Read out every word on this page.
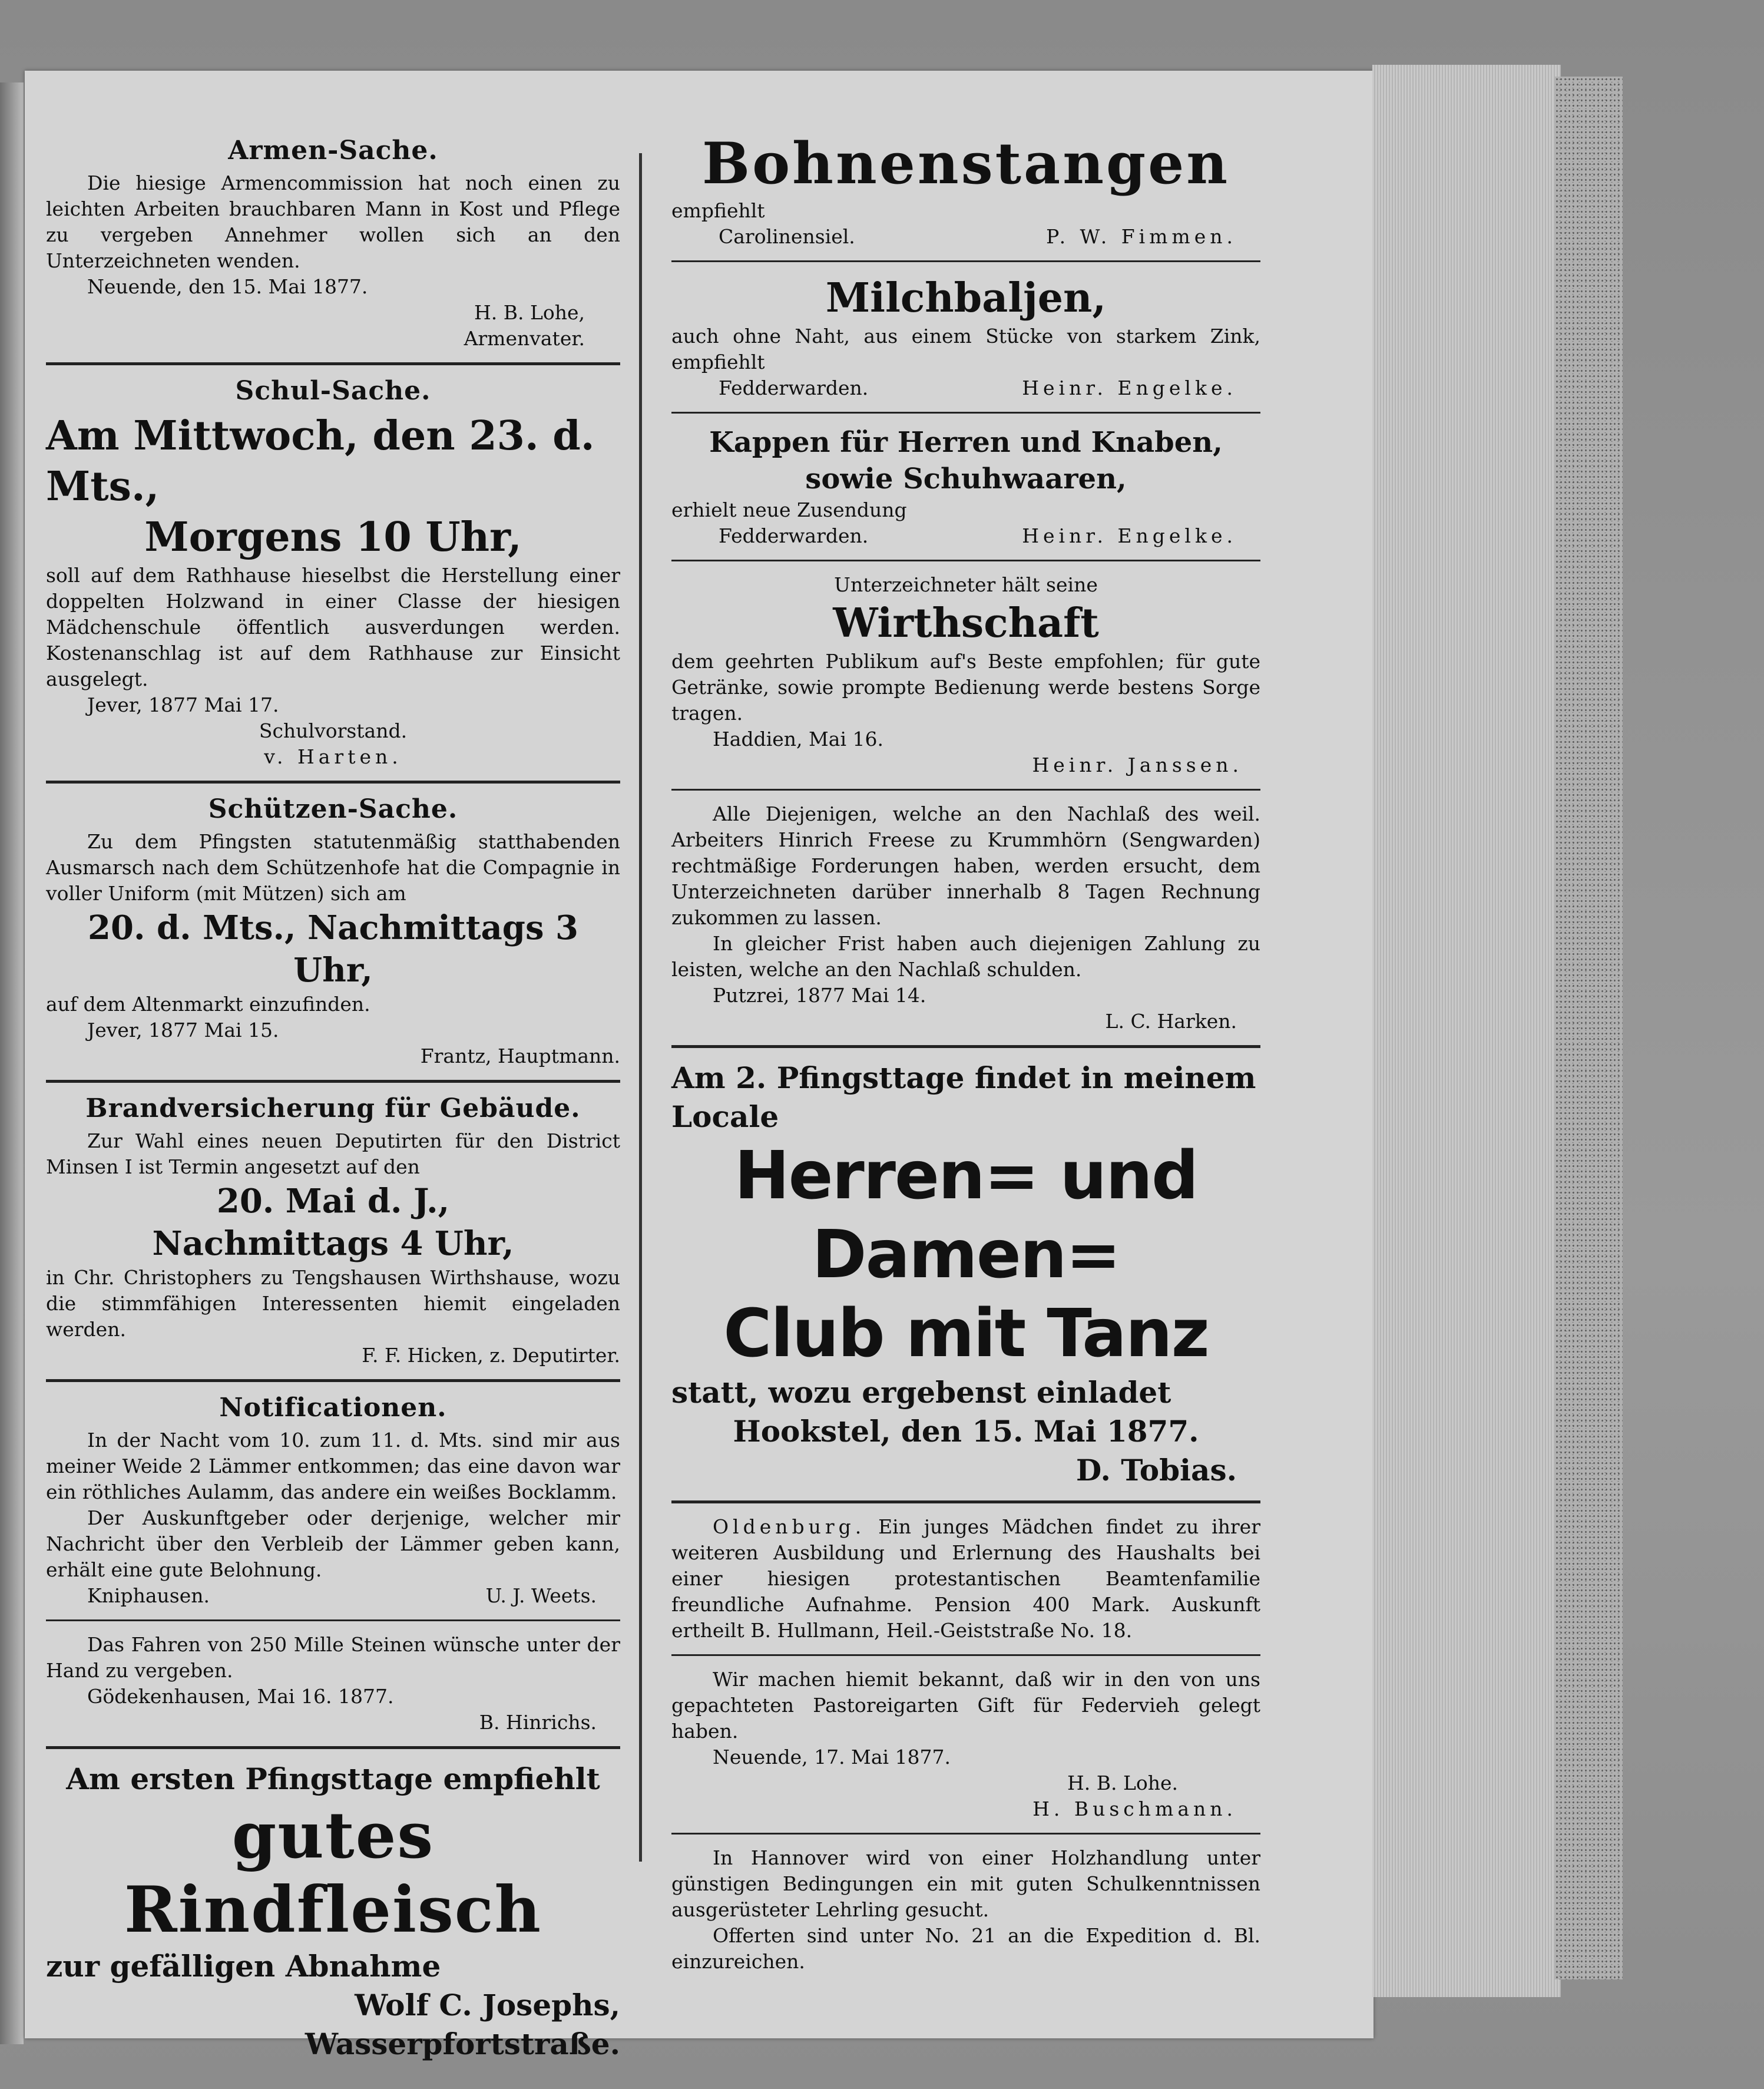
Armen-Sache.

Die hiesige Armencommission hat noch einen zu leichten Arbeiten brauchbaren Mann in Kost und Pflege zu vergeben Annehmer wollen sich an den Unterzeichneten wenden.

Neuende, den 15. Mai 1877.

H. B. Lohe,
Armenvater.
Schul-Sache.
Am Mittwoch, den 23. d. Mts.,
Morgens 10 Uhr,

soll auf dem Rathhause hieselbst die Herstellung einer doppelten Holzwand in einer Classe der hiesigen Mädchenschule öffentlich ausverdungen werden. Kostenanschlag ist auf dem Rathhause zur Einsicht ausgelegt.

Jever, 1877 Mai 17.

Schulvorstand.
v. Harten.
Schützen-Sache.

Zu dem Pfingsten statutenmäßig statthabenden Ausmarsch nach dem Schützenhofe hat die Compagnie in voller Uniform (mit Mützen) sich am

20. d. Mts., Nachmittags 3 Uhr,

auf dem Altenmarkt einzufinden.

Jever, 1877 Mai 15.

Frantz, Hauptmann.
Brandversicherung für Gebäude.

Zur Wahl eines neuen Deputirten für den District Minsen I ist Termin angesetzt auf den

20. Mai d. J.,
Nachmittags 4 Uhr,

in Chr. Christophers zu Tengshausen Wirthshause, wozu die stimmfähigen Interessenten hiemit eingeladen werden.

F. F. Hicken, z. Deputirter.
Notificationen.

In der Nacht vom 10. zum 11. d. Mts. sind mir aus meiner Weide 2 Lämmer entkommen; das eine davon war ein röthliches Aulamm, das andere ein weißes Bocklamm.

Der Auskunftgeber oder derjenige, welcher mir Nachricht über den Verbleib der Lämmer geben kann, erhält eine gute Belohnung.

Kniphausen.	U. J. Weets.

Das Fahren von 250 Mille Steinen wünsche unter der Hand zu vergeben.

Gödekenhausen, Mai 16. 1877.

B. Hinrichs.
Am ersten Pfingsttage empfiehlt
gutes Rindfleisch
zur gefälligen Abnahme
Wolf C. Josephs,
Wasserpfortstraße.
Bohnenstangen
empfiehlt
Carolinensiel.	P. W. Fimmen.
Milchbaljen,

auch ohne Naht, aus einem Stücke von starkem Zink, empfiehlt

Fedderwarden.	Heinr. Engelke.
Kappen für Herren und Knaben,
sowie Schuhwaaren,
erhielt neue Zusendung
Fedderwarden.	Heinr. Engelke.
Unterzeichneter hält seine
Wirthschaft

dem geehrten Publikum auf's Beste empfohlen; für gute Getränke, sowie prompte Bedienung werde bestens Sorge tragen.

Haddien, Mai 16.

Heinr. Janssen.

Alle Diejenigen, welche an den Nachlaß des weil. Arbeiters Hinrich Freese zu Krummhörn (Sengwarden) rechtmäßige Forderungen haben, werden ersucht, dem Unterzeichneten darüber innerhalb 8 Tagen Rechnung zukommen zu lassen.

In gleicher Frist haben auch diejenigen Zahlung zu leisten, welche an den Nachlaß schulden.

Putzrei, 1877 Mai 14.

L. C. Harken.
Am 2. Pfingsttage findet in meinem Locale
Herren= und Damen=
Club mit Tanz
statt, wozu ergebenst einladet
Hookstel, den 15. Mai 1877.
D. Tobias.

Oldenburg. Ein junges Mädchen findet zu ihrer weiteren Ausbildung und Erlernung des Haushalts bei einer hiesigen protestantischen Beamtenfamilie freundliche Aufnahme. Pension 400 Mark. Auskunft ertheilt B. Hullmann, Heil.-Geiststraße No. 18.

Wir machen hiemit bekannt, daß wir in den von uns gepachteten Pastoreigarten Gift für Federvieh gelegt haben.

Neuende, 17. Mai 1877.

H. B. Lohe.
H. Buschmann.

In Hannover wird von einer Holzhandlung unter günstigen Bedingungen ein mit guten Schulkenntnissen ausgerüsteter Lehrling gesucht.

Offerten sind unter No. 21 an die Expedition d. Bl. einzureichen.
